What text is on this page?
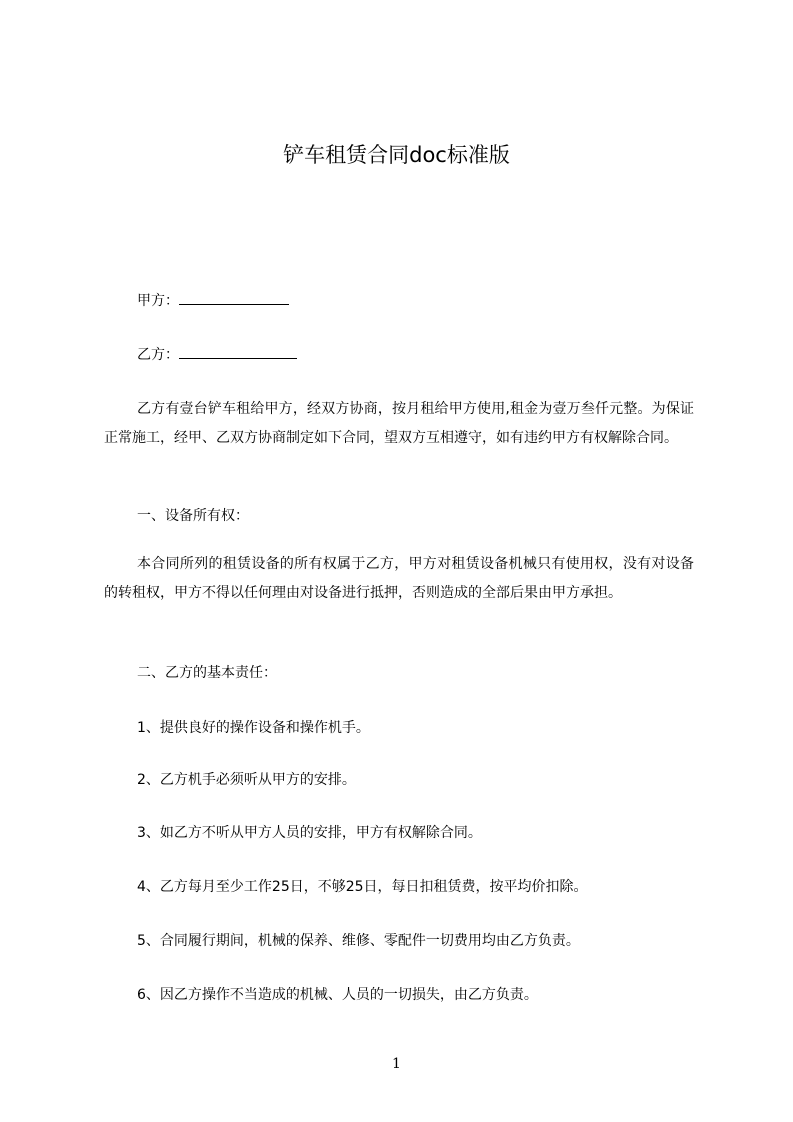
铲车租赁合同doc标准版
甲方：
乙方：

乙方有壹台铲车租给甲方，经双方协商，按月租给甲方使用,租金为壹万叁仟元整。为保证正常施工，经甲、乙双方协商制定如下合同，望双方互相遵守，如有违约甲方有权解除合同。

一、设备所有权：

本合同所列的租赁设备的所有权属于乙方，甲方对租赁设备机械只有使用权，没有对设备的转租权，甲方不得以任何理由对设备进行抵押，否则造成的全部后果由甲方承担。

二、乙方的基本责任：
1、提供良好的操作设备和操作机手。
2、乙方机手必须听从甲方的安排。
3、如乙方不听从甲方人员的安排，甲方有权解除合同。
4、乙方每月至少工作25日，不够25日，每日扣租赁费，按平均价扣除。
5、合同履行期间，机械的保养、维修、零配件一切费用均由乙方负责。
6、因乙方操作不当造成的机械、人员的一切损失，由乙方负责。
1
